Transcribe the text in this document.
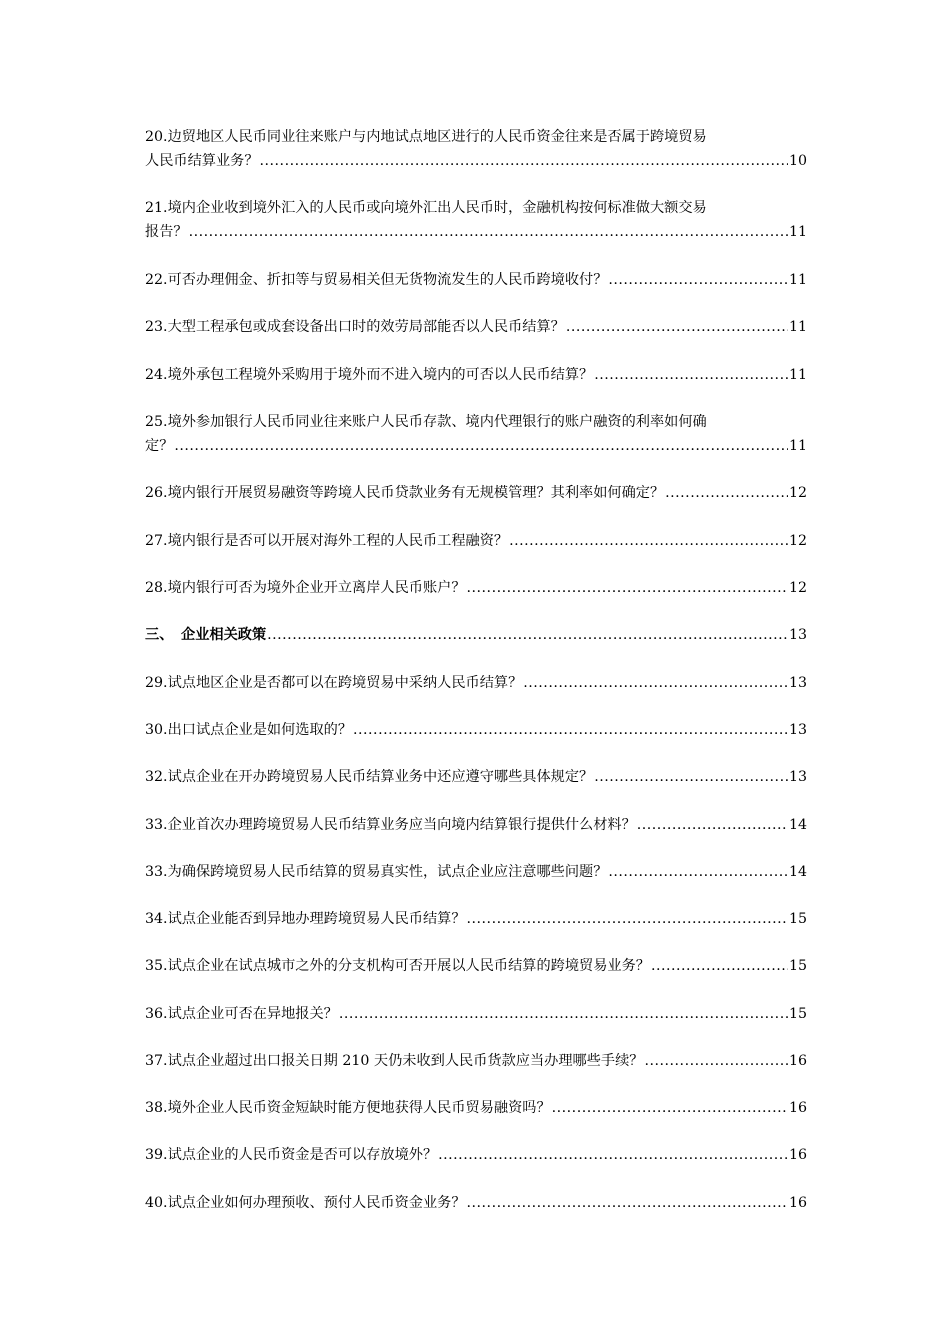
20.边贸地区人民币同业往来账户与内地试点地区进行的人民币资金往来是否属于跨境贸易
人民币结算业务？ .....	10

21.境内企业收到境外汇入的人民币或向境外汇出人民币时，金融机构按何标准做大额交易
报告？ .....	11

22.可否办理佣金、折扣等与贸易相关但无货物流发生的人民币跨境收付？ .....	11

23.大型工程承包或成套设备出口时的效劳局部能否以人民币结算？ .....	11

24.境外承包工程境外采购用于境外而不进入境内的可否以人民币结算？ .....	11

25.境外参加银行人民币同业往来账户人民币存款、境内代理银行的账户融资的利率如何确
定？ .....	11

26.境内银行开展贸易融资等跨境人民币贷款业务有无规模管理？其利率如何确定？ .....	12

27.境内银行是否可以开展对海外工程的人民币工程融资？ .....	12

28.境内银行可否为境外企业开立离岸人民币账户？ .....	12

三、 企业相关政策 .....	13

29.试点地区企业是否都可以在跨境贸易中采纳人民币结算？ .....	13

30.出口试点企业是如何选取的？ .....	13

32.试点企业在开办跨境贸易人民币结算业务中还应遵守哪些具体规定？ .....	13

33.企业首次办理跨境贸易人民币结算业务应当向境内结算银行提供什么材料？ .....	14

33.为确保跨境贸易人民币结算的贸易真实性，试点企业应注意哪些问题？ .....	14

34.试点企业能否到异地办理跨境贸易人民币结算？ .....	15

35.试点企业在试点城市之外的分支机构可否开展以人民币结算的跨境贸易业务？ .....	15

36.试点企业可否在异地报关？ .....	15

37.试点企业超过出口报关日期 210 天仍未收到人民币货款应当办理哪些手续？ .....	16

38.境外企业人民币资金短缺时能方便地获得人民币贸易融资吗？ .....	16

39.试点企业的人民币资金是否可以存放境外？ .....	16

40.试点企业如何办理预收、预付人民币资金业务？ .....	16
